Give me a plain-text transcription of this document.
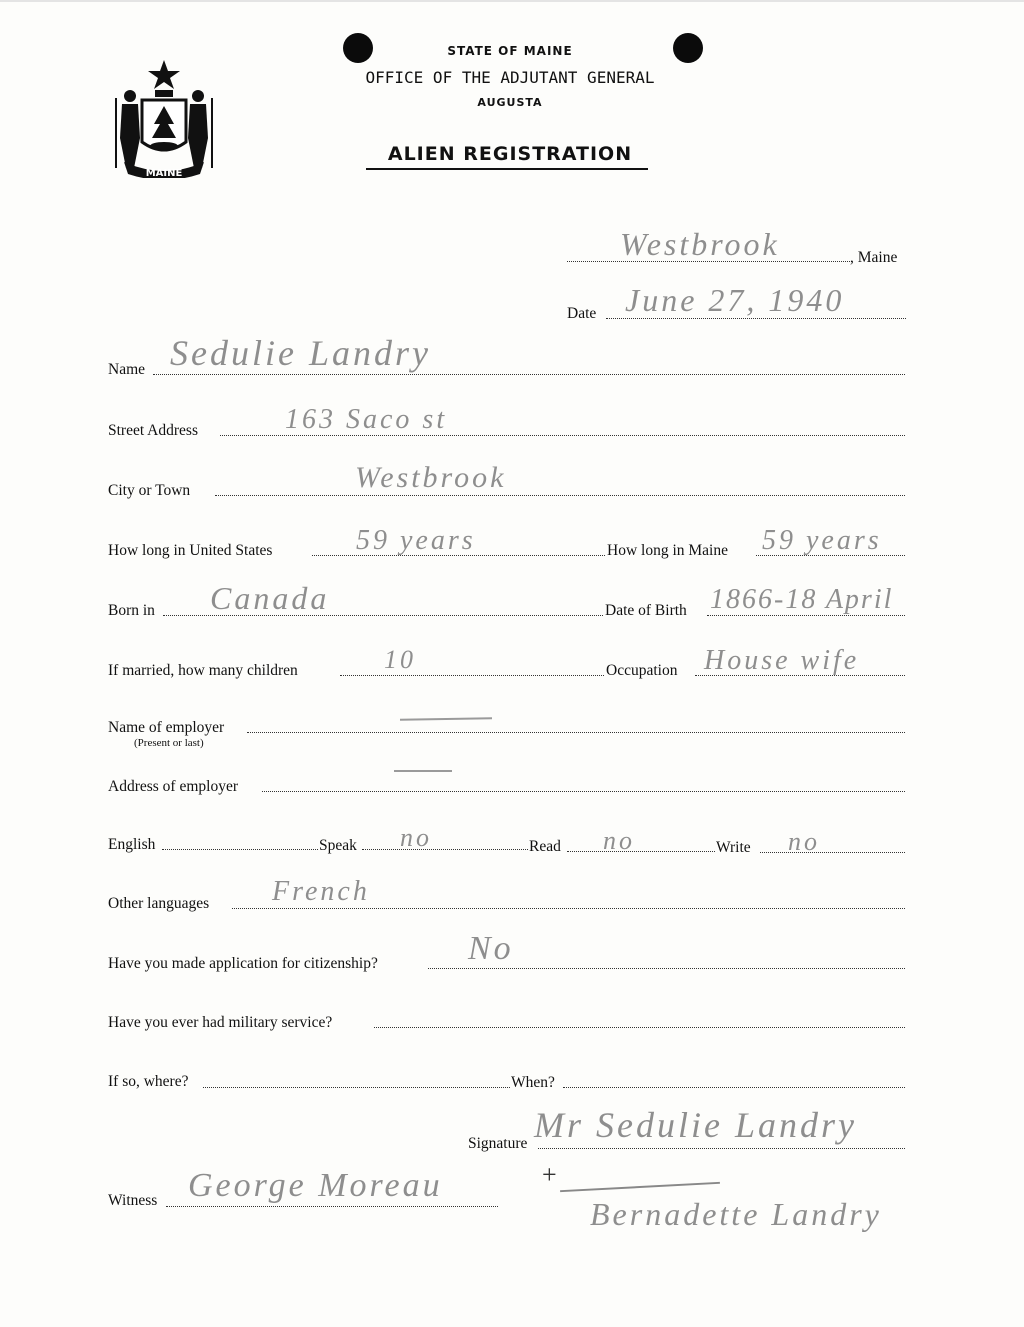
MAINE
STATE OF MAINE
OFFICE OF THE ADJUTANT GENERAL
AUGUSTA
ALIEN REGISTRATION
Westbrook	, Maine
Date June 27, 1940
Name Sedulie Landry
Street Address	163 Saco st
City or Town	Westbrook
How long in United States	59 years	How long in Maine 59 years
Born in Canada	Date of Birth 1866-18 April
If married, how many children	10	Occupation House wife
Name of employer
(Present or last)
Address of employer
English	Speak no	Read no	Write no
Other languages French
Have you made application for citizenship?	No
Have you ever had military service?
If so, where?	When?
Signature Mr Sedulie Landry
Witness George Moreau	+
Bernadette Landry
